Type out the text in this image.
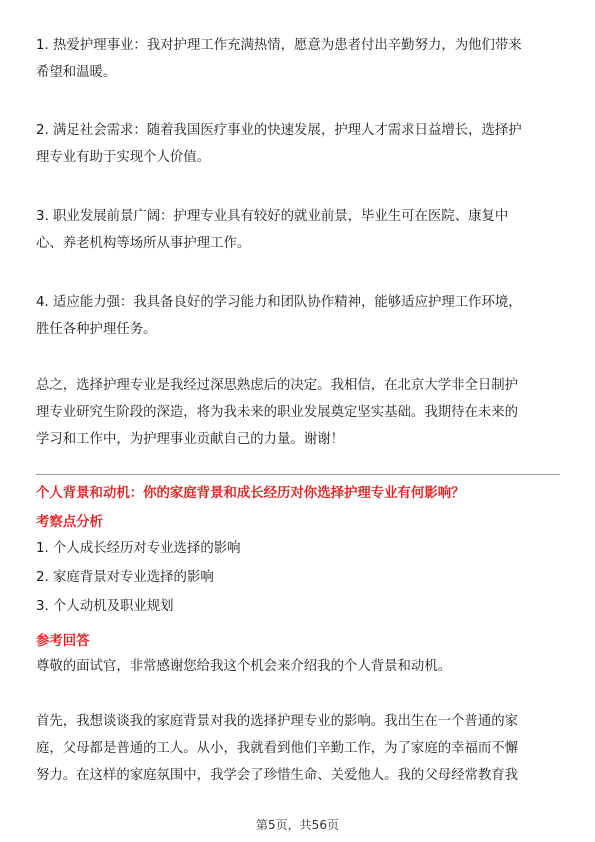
1. 热爱护理事业：我对护理工作充满热情，愿意为患者付出辛勤努力，为他们带来
希望和温暖。

2. 满足社会需求：随着我国医疗事业的快速发展，护理人才需求日益增长，选择护
理专业有助于实现个人价值。

3. 职业发展前景广阔：护理专业具有较好的就业前景，毕业生可在医院、康复中
心、养老机构等场所从事护理工作。

4. 适应能力强：我具备良好的学习能力和团队协作精神，能够适应护理工作环境，
胜任各种护理任务。

总之，选择护理专业是我经过深思熟虑后的决定。我相信，在北京大学非全日制护
理专业研究生阶段的深造，将为我未来的职业发展奠定坚实基础。我期待在未来的
学习和工作中，为护理事业贡献自己的力量。谢谢！

个人背景和动机：你的家庭背景和成长经历对你选择护理专业有何影响？
考察点分析
1. 个人成长经历对专业选择的影响
2. 家庭背景对专业选择的影响
3. 个人动机及职业规划
参考回答
尊敬的面试官，非常感谢您给我这个机会来介绍我的个人背景和动机。

首先，我想谈谈我的家庭背景对我的选择护理专业的影响。我出生在一个普通的家
庭，父母都是普通的工人。从小，我就看到他们辛勤工作，为了家庭的幸福而不懈
努力。在这样的家庭氛围中，我学会了珍惜生命、关爱他人。我的父母经常教育我

第5页，共56页
